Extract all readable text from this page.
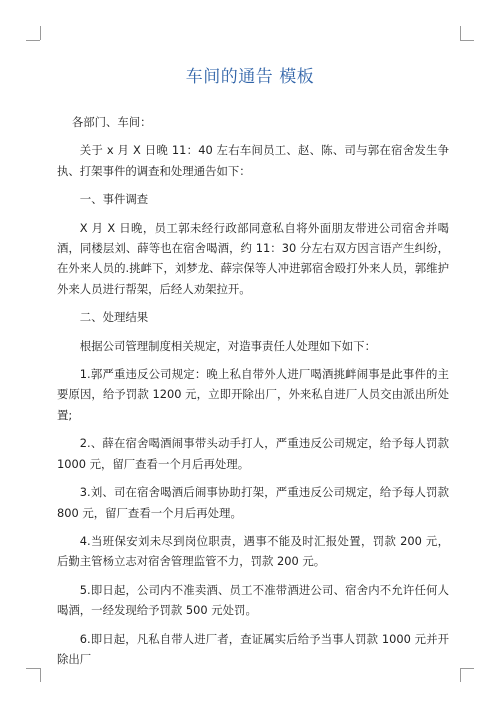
车间的通告 模板

各部门、车间：

关于 x 月 X 日晚 11：40 左右车间员工、赵、陈、司与郭在宿舍发生争执、打架事件的调查和处理通告如下：

一、事件调查

X 月 X 日晚，员工郭未经行政部同意私自将外面朋友带进公司宿舍并喝酒，同楼层刘、薛等也在宿舍喝酒，约 11：30 分左右双方因言语产生纠纷，在外来人员的.挑衅下，刘梦龙、薛宗保等人冲进郭宿舍殴打外来人员，郭维护外来人员进行帮架，后经人劝架拉开。

二、处理结果

根据公司管理制度相关规定，对造事责任人处理如下如下：

1.郭严重违反公司规定：晚上私自带外人进厂喝酒挑衅闹事是此事件的主要原因，给予罚款 1200 元，立即开除出厂，外来私自进厂人员交由派出所处置;

2.、薛在宿舍喝酒闹事带头动手打人，严重违反公司规定，给予每人罚款 1000 元，留厂查看一个月后再处理。

3.刘、司在宿舍喝酒后闹事协助打架，严重违反公司规定，给予每人罚款 800 元，留厂查看一个月后再处理。

4.当班保安刘未尽到岗位职责，遇事不能及时汇报处置，罚款 200 元，后勤主管杨立志对宿舍管理监管不力，罚款 200 元。

5.即日起，公司内不准卖酒、员工不准带酒进公司、宿舍内不允许任何人喝酒，一经发现给予罚款 500 元处罚。

6.即日起，凡私自带人进厂者，查证属实后给予当事人罚款 1000 元并开除出厂
